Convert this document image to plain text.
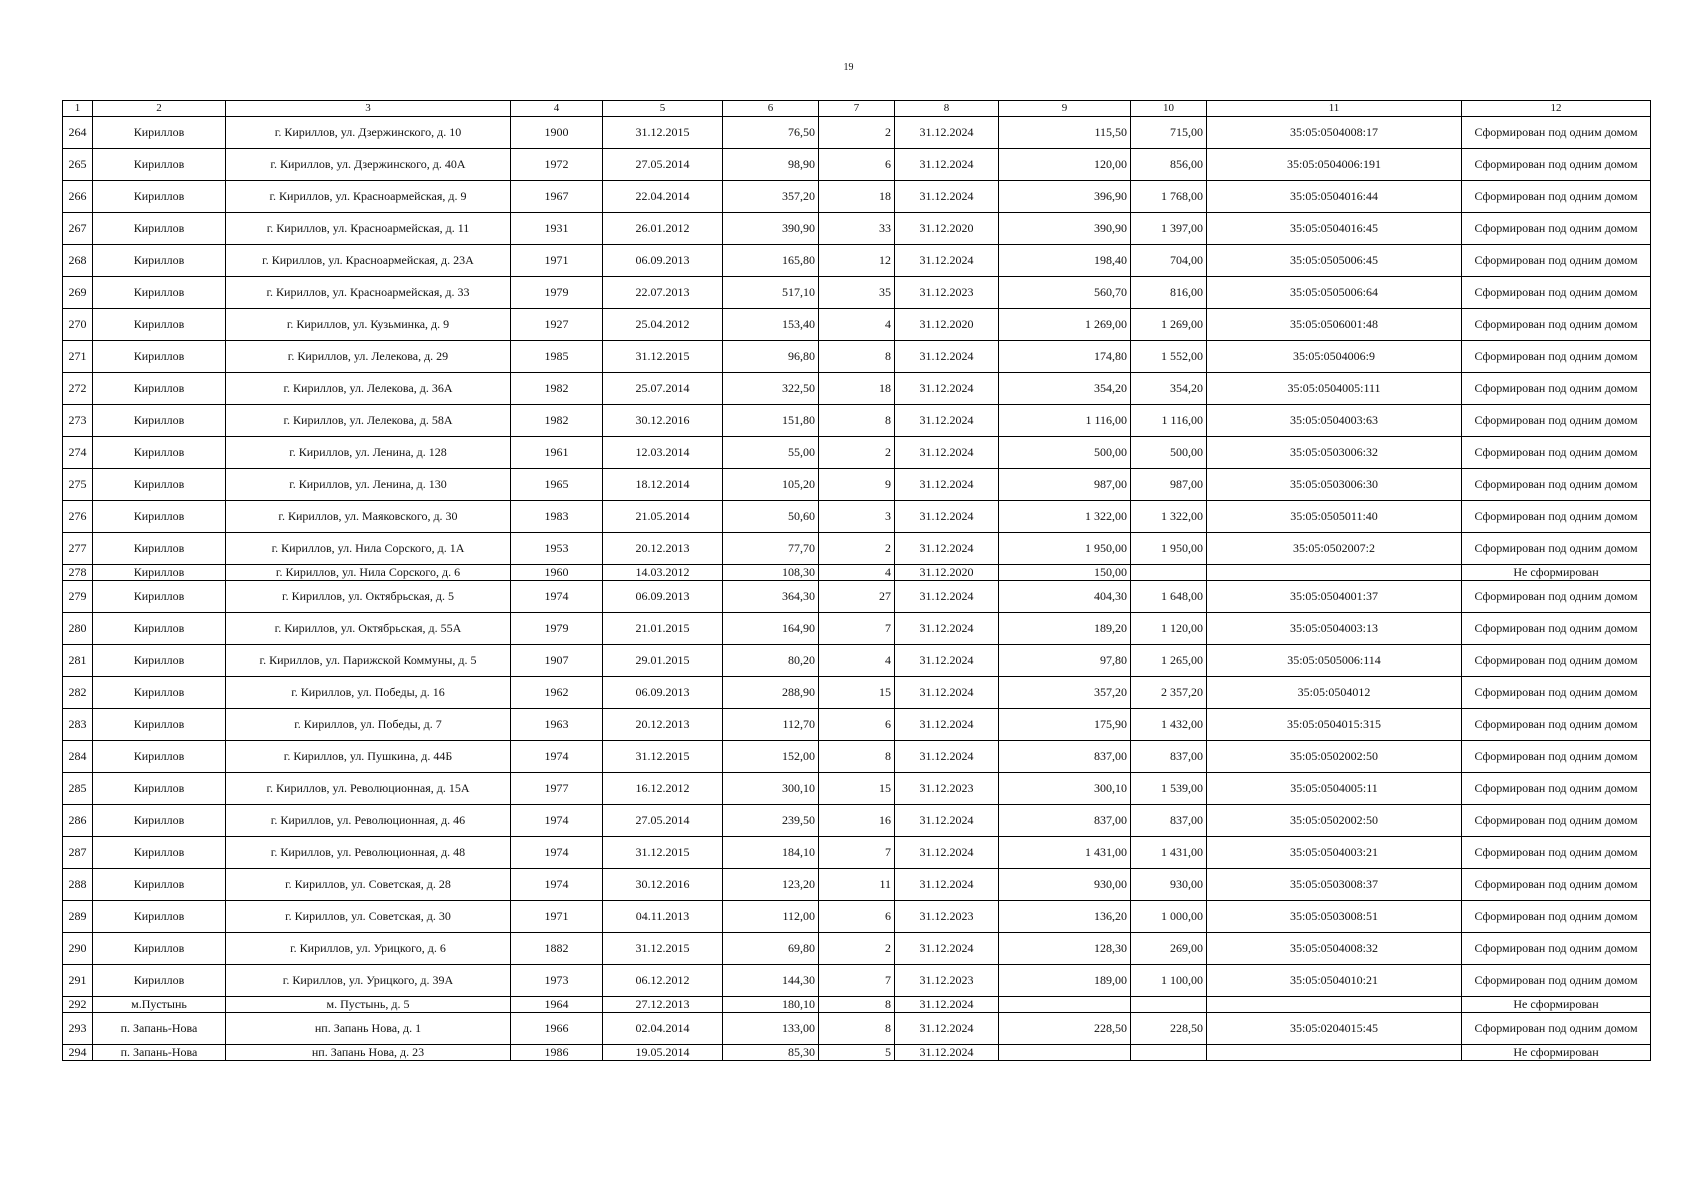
19
1	2	3	4	5	6	7	8	9	10	11	12
264	Кириллов	г. Кириллов, ул. Дзержинского, д. 10	1900	31.12.2015	76,50	2	31.12.2024	115,50	715,00	35:05:0504008:17	Сформирован под одним домом
265	Кириллов	г. Кириллов, ул. Дзержинского, д. 40А	1972	27.05.2014	98,90	6	31.12.2024	120,00	856,00	35:05:0504006:191	Сформирован под одним домом
266	Кириллов	г. Кириллов, ул. Красноармейская, д. 9	1967	22.04.2014	357,20	18	31.12.2024	396,90	1 768,00	35:05:0504016:44	Сформирован под одним домом
267	Кириллов	г. Кириллов, ул. Красноармейская, д. 11	1931	26.01.2012	390,90	33	31.12.2020	390,90	1 397,00	35:05:0504016:45	Сформирован под одним домом
268	Кириллов	г. Кириллов, ул. Красноармейская, д. 23А	1971	06.09.2013	165,80	12	31.12.2024	198,40	704,00	35:05:0505006:45	Сформирован под одним домом
269	Кириллов	г. Кириллов, ул. Красноармейская, д. 33	1979	22.07.2013	517,10	35	31.12.2023	560,70	816,00	35:05:0505006:64	Сформирован под одним домом
270	Кириллов	г. Кириллов, ул. Кузьминка, д. 9	1927	25.04.2012	153,40	4	31.12.2020	1 269,00	1 269,00	35:05:0506001:48	Сформирован под одним домом
271	Кириллов	г. Кириллов, ул. Лелекова, д. 29	1985	31.12.2015	96,80	8	31.12.2024	174,80	1 552,00	35:05:0504006:9	Сформирован под одним домом
272	Кириллов	г. Кириллов, ул. Лелекова, д. 36А	1982	25.07.2014	322,50	18	31.12.2024	354,20	354,20	35:05:0504005:111	Сформирован под одним домом
273	Кириллов	г. Кириллов, ул. Лелекова, д. 58А	1982	30.12.2016	151,80	8	31.12.2024	1 116,00	1 116,00	35:05:0504003:63	Сформирован под одним домом
274	Кириллов	г. Кириллов, ул. Ленина, д. 128	1961	12.03.2014	55,00	2	31.12.2024	500,00	500,00	35:05:0503006:32	Сформирован под одним домом
275	Кириллов	г. Кириллов, ул. Ленина, д. 130	1965	18.12.2014	105,20	9	31.12.2024	987,00	987,00	35:05:0503006:30	Сформирован под одним домом
276	Кириллов	г. Кириллов, ул. Маяковского, д. 30	1983	21.05.2014	50,60	3	31.12.2024	1 322,00	1 322,00	35:05:0505011:40	Сформирован под одним домом
277	Кириллов	г. Кириллов, ул. Нила Сорского, д. 1А	1953	20.12.2013	77,70	2	31.12.2024	1 950,00	1 950,00	35:05:0502007:2	Сформирован под одним домом
278	Кириллов	г. Кириллов, ул. Нила Сорского, д. 6	1960	14.03.2012	108,30	4	31.12.2020	150,00			Не сформирован
279	Кириллов	г. Кириллов, ул. Октябрьская, д. 5	1974	06.09.2013	364,30	27	31.12.2024	404,30	1 648,00	35:05:0504001:37	Сформирован под одним домом
280	Кириллов	г. Кириллов, ул. Октябрьская, д. 55А	1979	21.01.2015	164,90	7	31.12.2024	189,20	1 120,00	35:05:0504003:13	Сформирован под одним домом
281	Кириллов	г. Кириллов, ул. Парижской Коммуны, д. 5	1907	29.01.2015	80,20	4	31.12.2024	97,80	1 265,00	35:05:0505006:114	Сформирован под одним домом
282	Кириллов	г. Кириллов, ул. Победы, д. 16	1962	06.09.2013	288,90	15	31.12.2024	357,20	2 357,20	35:05:0504012	Сформирован под одним домом
283	Кириллов	г. Кириллов, ул. Победы, д. 7	1963	20.12.2013	112,70	6	31.12.2024	175,90	1 432,00	35:05:0504015:315	Сформирован под одним домом
284	Кириллов	г. Кириллов, ул. Пушкина, д. 44Б	1974	31.12.2015	152,00	8	31.12.2024	837,00	837,00	35:05:0502002:50	Сформирован под одним домом
285	Кириллов	г. Кириллов, ул. Революционная, д. 15А	1977	16.12.2012	300,10	15	31.12.2023	300,10	1 539,00	35:05:0504005:11	Сформирован под одним домом
286	Кириллов	г. Кириллов, ул. Революционная, д. 46	1974	27.05.2014	239,50	16	31.12.2024	837,00	837,00	35:05:0502002:50	Сформирован под одним домом
287	Кириллов	г. Кириллов, ул. Революционная, д. 48	1974	31.12.2015	184,10	7	31.12.2024	1 431,00	1 431,00	35:05:0504003:21	Сформирован под одним домом
288	Кириллов	г. Кириллов, ул. Советская, д. 28	1974	30.12.2016	123,20	11	31.12.2024	930,00	930,00	35:05:0503008:37	Сформирован под одним домом
289	Кириллов	г. Кириллов, ул. Советская, д. 30	1971	04.11.2013	112,00	6	31.12.2023	136,20	1 000,00	35:05:0503008:51	Сформирован под одним домом
290	Кириллов	г. Кириллов, ул. Урицкого, д. 6	1882	31.12.2015	69,80	2	31.12.2024	128,30	269,00	35:05:0504008:32	Сформирован под одним домом
291	Кириллов	г. Кириллов, ул. Урицкого, д. 39А	1973	06.12.2012	144,30	7	31.12.2023	189,00	1 100,00	35:05:0504010:21	Сформирован под одним домом
292	м.Пустынь	м. Пустынь, д. 5	1964	27.12.2013	180,10	8	31.12.2024				Не сформирован
293	п. Запань-Нова	нп. Запань Нова, д. 1	1966	02.04.2014	133,00	8	31.12.2024	228,50	228,50	35:05:0204015:45	Сформирован под одним домом
294	п. Запань-Нова	нп. Запань Нова, д. 23	1986	19.05.2014	85,30	5	31.12.2024				Не сформирован
